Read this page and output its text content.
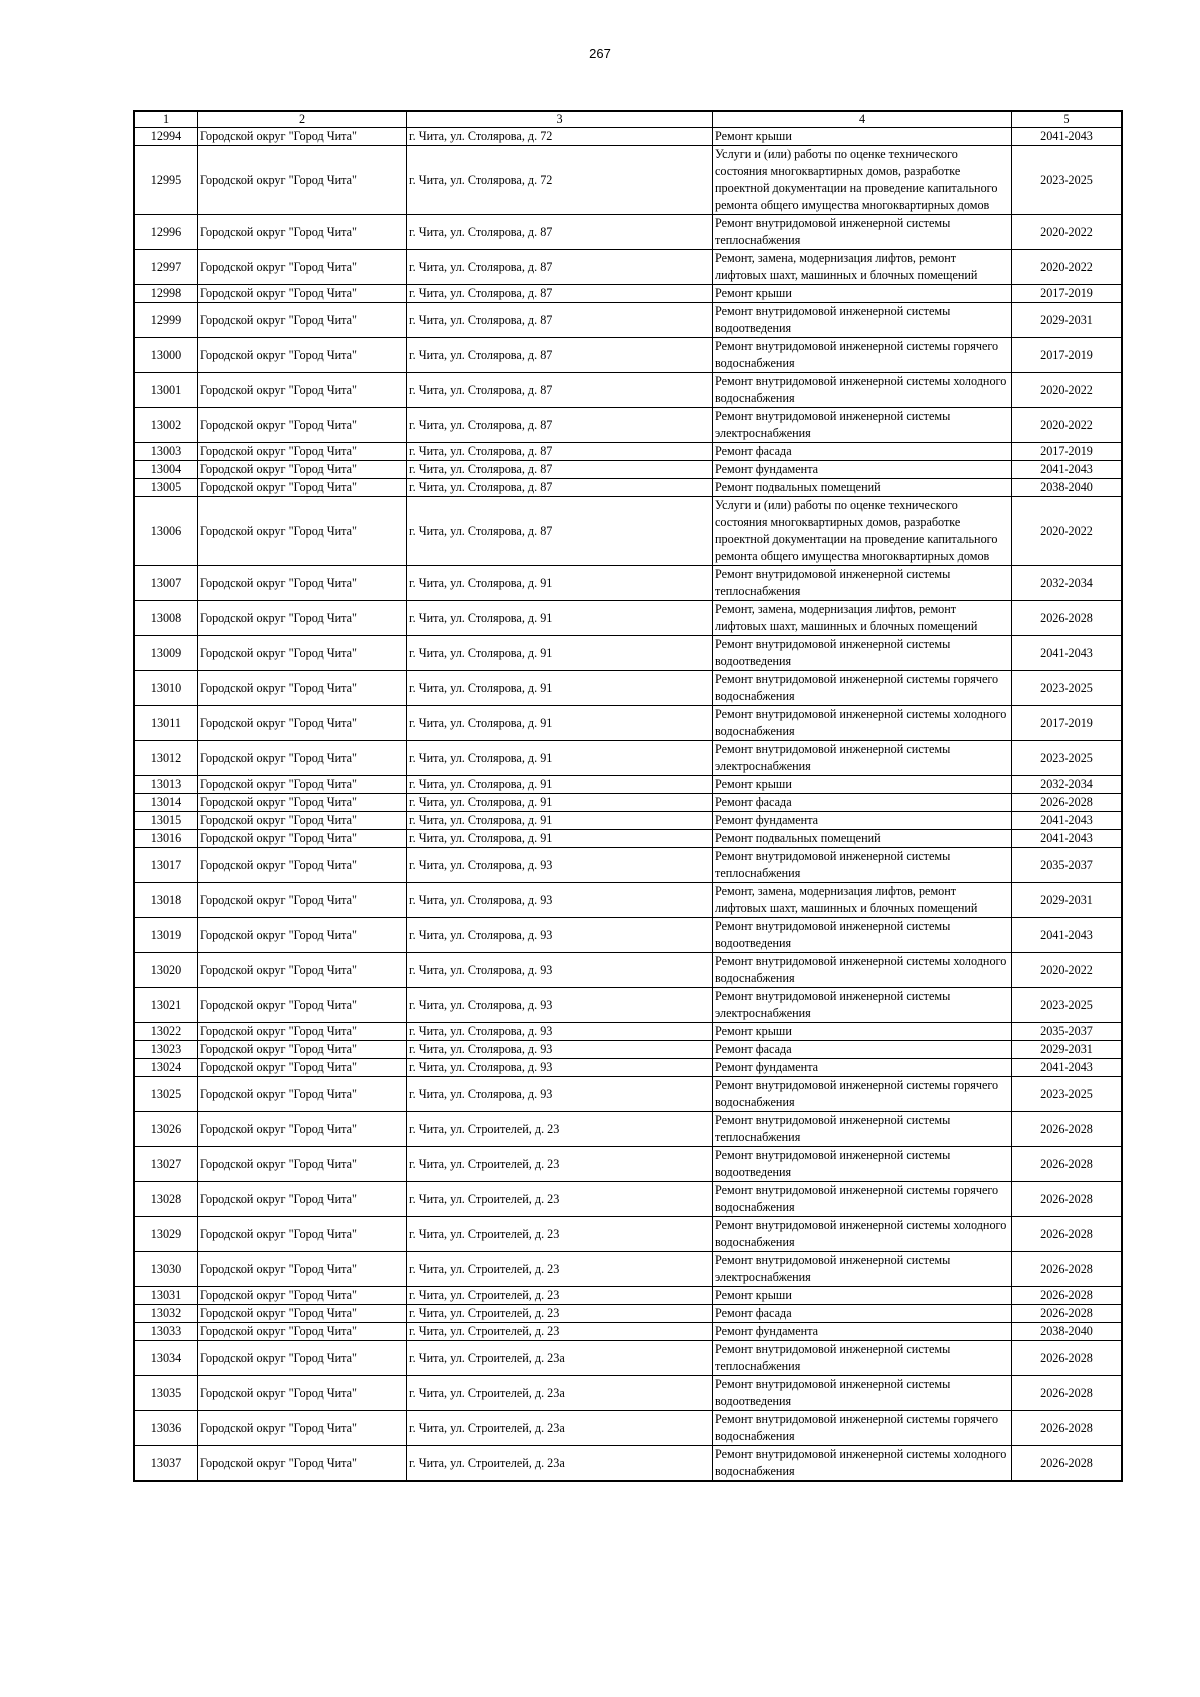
267
1	2	3	4	5
12994	Городской округ "Город Чита"	г. Чита, ул. Столярова, д. 72	Ремонт крыши	2041-2043
12995	Городской округ "Город Чита"	г. Чита, ул. Столярова, д. 72	Услуги и (или) работы по оценке технического состояния многоквартирных домов, разработке проектной документации на проведение капитального ремонта общего имущества многоквартирных домов	2023-2025
12996	Городской округ "Город Чита"	г. Чита, ул. Столярова, д. 87	Ремонт внутридомовой инженерной системы теплоснабжения	2020-2022
12997	Городской округ "Город Чита"	г. Чита, ул. Столярова, д. 87	Ремонт, замена, модернизация лифтов, ремонт лифтовых шахт, машинных и блочных помещений	2020-2022
12998	Городской округ "Город Чита"	г. Чита, ул. Столярова, д. 87	Ремонт крыши	2017-2019
12999	Городской округ "Город Чита"	г. Чита, ул. Столярова, д. 87	Ремонт внутридомовой инженерной системы водоотведения	2029-2031
13000	Городской округ "Город Чита"	г. Чита, ул. Столярова, д. 87	Ремонт внутридомовой инженерной системы горячего водоснабжения	2017-2019
13001	Городской округ "Город Чита"	г. Чита, ул. Столярова, д. 87	Ремонт внутридомовой инженерной системы холодного водоснабжения	2020-2022
13002	Городской округ "Город Чита"	г. Чита, ул. Столярова, д. 87	Ремонт внутридомовой инженерной системы электроснабжения	2020-2022
13003	Городской округ "Город Чита"	г. Чита, ул. Столярова, д. 87	Ремонт фасада	2017-2019
13004	Городской округ "Город Чита"	г. Чита, ул. Столярова, д. 87	Ремонт фундамента	2041-2043
13005	Городской округ "Город Чита"	г. Чита, ул. Столярова, д. 87	Ремонт подвальных помещений	2038-2040
13006	Городской округ "Город Чита"	г. Чита, ул. Столярова, д. 87	Услуги и (или) работы по оценке технического состояния многоквартирных домов, разработке проектной документации на проведение капитального ремонта общего имущества многоквартирных домов	2020-2022
13007	Городской округ "Город Чита"	г. Чита, ул. Столярова, д. 91	Ремонт внутридомовой инженерной системы теплоснабжения	2032-2034
13008	Городской округ "Город Чита"	г. Чита, ул. Столярова, д. 91	Ремонт, замена, модернизация лифтов, ремонт лифтовых шахт, машинных и блочных помещений	2026-2028
13009	Городской округ "Город Чита"	г. Чита, ул. Столярова, д. 91	Ремонт внутридомовой инженерной системы водоотведения	2041-2043
13010	Городской округ "Город Чита"	г. Чита, ул. Столярова, д. 91	Ремонт внутридомовой инженерной системы горячего водоснабжения	2023-2025
13011	Городской округ "Город Чита"	г. Чита, ул. Столярова, д. 91	Ремонт внутридомовой инженерной системы холодного водоснабжения	2017-2019
13012	Городской округ "Город Чита"	г. Чита, ул. Столярова, д. 91	Ремонт внутридомовой инженерной системы электроснабжения	2023-2025
13013	Городской округ "Город Чита"	г. Чита, ул. Столярова, д. 91	Ремонт крыши	2032-2034
13014	Городской округ "Город Чита"	г. Чита, ул. Столярова, д. 91	Ремонт фасада	2026-2028
13015	Городской округ "Город Чита"	г. Чита, ул. Столярова, д. 91	Ремонт фундамента	2041-2043
13016	Городской округ "Город Чита"	г. Чита, ул. Столярова, д. 91	Ремонт подвальных помещений	2041-2043
13017	Городской округ "Город Чита"	г. Чита, ул. Столярова, д. 93	Ремонт внутридомовой инженерной системы теплоснабжения	2035-2037
13018	Городской округ "Город Чита"	г. Чита, ул. Столярова, д. 93	Ремонт, замена, модернизация лифтов, ремонт лифтовых шахт, машинных и блочных помещений	2029-2031
13019	Городской округ "Город Чита"	г. Чита, ул. Столярова, д. 93	Ремонт внутридомовой инженерной системы водоотведения	2041-2043
13020	Городской округ "Город Чита"	г. Чита, ул. Столярова, д. 93	Ремонт внутридомовой инженерной системы холодного водоснабжения	2020-2022
13021	Городской округ "Город Чита"	г. Чита, ул. Столярова, д. 93	Ремонт внутридомовой инженерной системы электроснабжения	2023-2025
13022	Городской округ "Город Чита"	г. Чита, ул. Столярова, д. 93	Ремонт крыши	2035-2037
13023	Городской округ "Город Чита"	г. Чита, ул. Столярова, д. 93	Ремонт фасада	2029-2031
13024	Городской округ "Город Чита"	г. Чита, ул. Столярова, д. 93	Ремонт фундамента	2041-2043
13025	Городской округ "Город Чита"	г. Чита, ул. Столярова, д. 93	Ремонт внутридомовой инженерной системы горячего водоснабжения	2023-2025
13026	Городской округ "Город Чита"	г. Чита, ул. Строителей, д. 23	Ремонт внутридомовой инженерной системы теплоснабжения	2026-2028
13027	Городской округ "Город Чита"	г. Чита, ул. Строителей, д. 23	Ремонт внутридомовой инженерной системы водоотведения	2026-2028
13028	Городской округ "Город Чита"	г. Чита, ул. Строителей, д. 23	Ремонт внутридомовой инженерной системы горячего водоснабжения	2026-2028
13029	Городской округ "Город Чита"	г. Чита, ул. Строителей, д. 23	Ремонт внутридомовой инженерной системы холодного водоснабжения	2026-2028
13030	Городской округ "Город Чита"	г. Чита, ул. Строителей, д. 23	Ремонт внутридомовой инженерной системы электроснабжения	2026-2028
13031	Городской округ "Город Чита"	г. Чита, ул. Строителей, д. 23	Ремонт крыши	2026-2028
13032	Городской округ "Город Чита"	г. Чита, ул. Строителей, д. 23	Ремонт фасада	2026-2028
13033	Городской округ "Город Чита"	г. Чита, ул. Строителей, д. 23	Ремонт фундамента	2038-2040
13034	Городской округ "Город Чита"	г. Чита, ул. Строителей, д. 23а	Ремонт внутридомовой инженерной системы теплоснабжения	2026-2028
13035	Городской округ "Город Чита"	г. Чита, ул. Строителей, д. 23а	Ремонт внутридомовой инженерной системы водоотведения	2026-2028
13036	Городской округ "Город Чита"	г. Чита, ул. Строителей, д. 23а	Ремонт внутридомовой инженерной системы горячего водоснабжения	2026-2028
13037	Городской округ "Город Чита"	г. Чита, ул. Строителей, д. 23а	Ремонт внутридомовой инженерной системы холодного водоснабжения	2026-2028
